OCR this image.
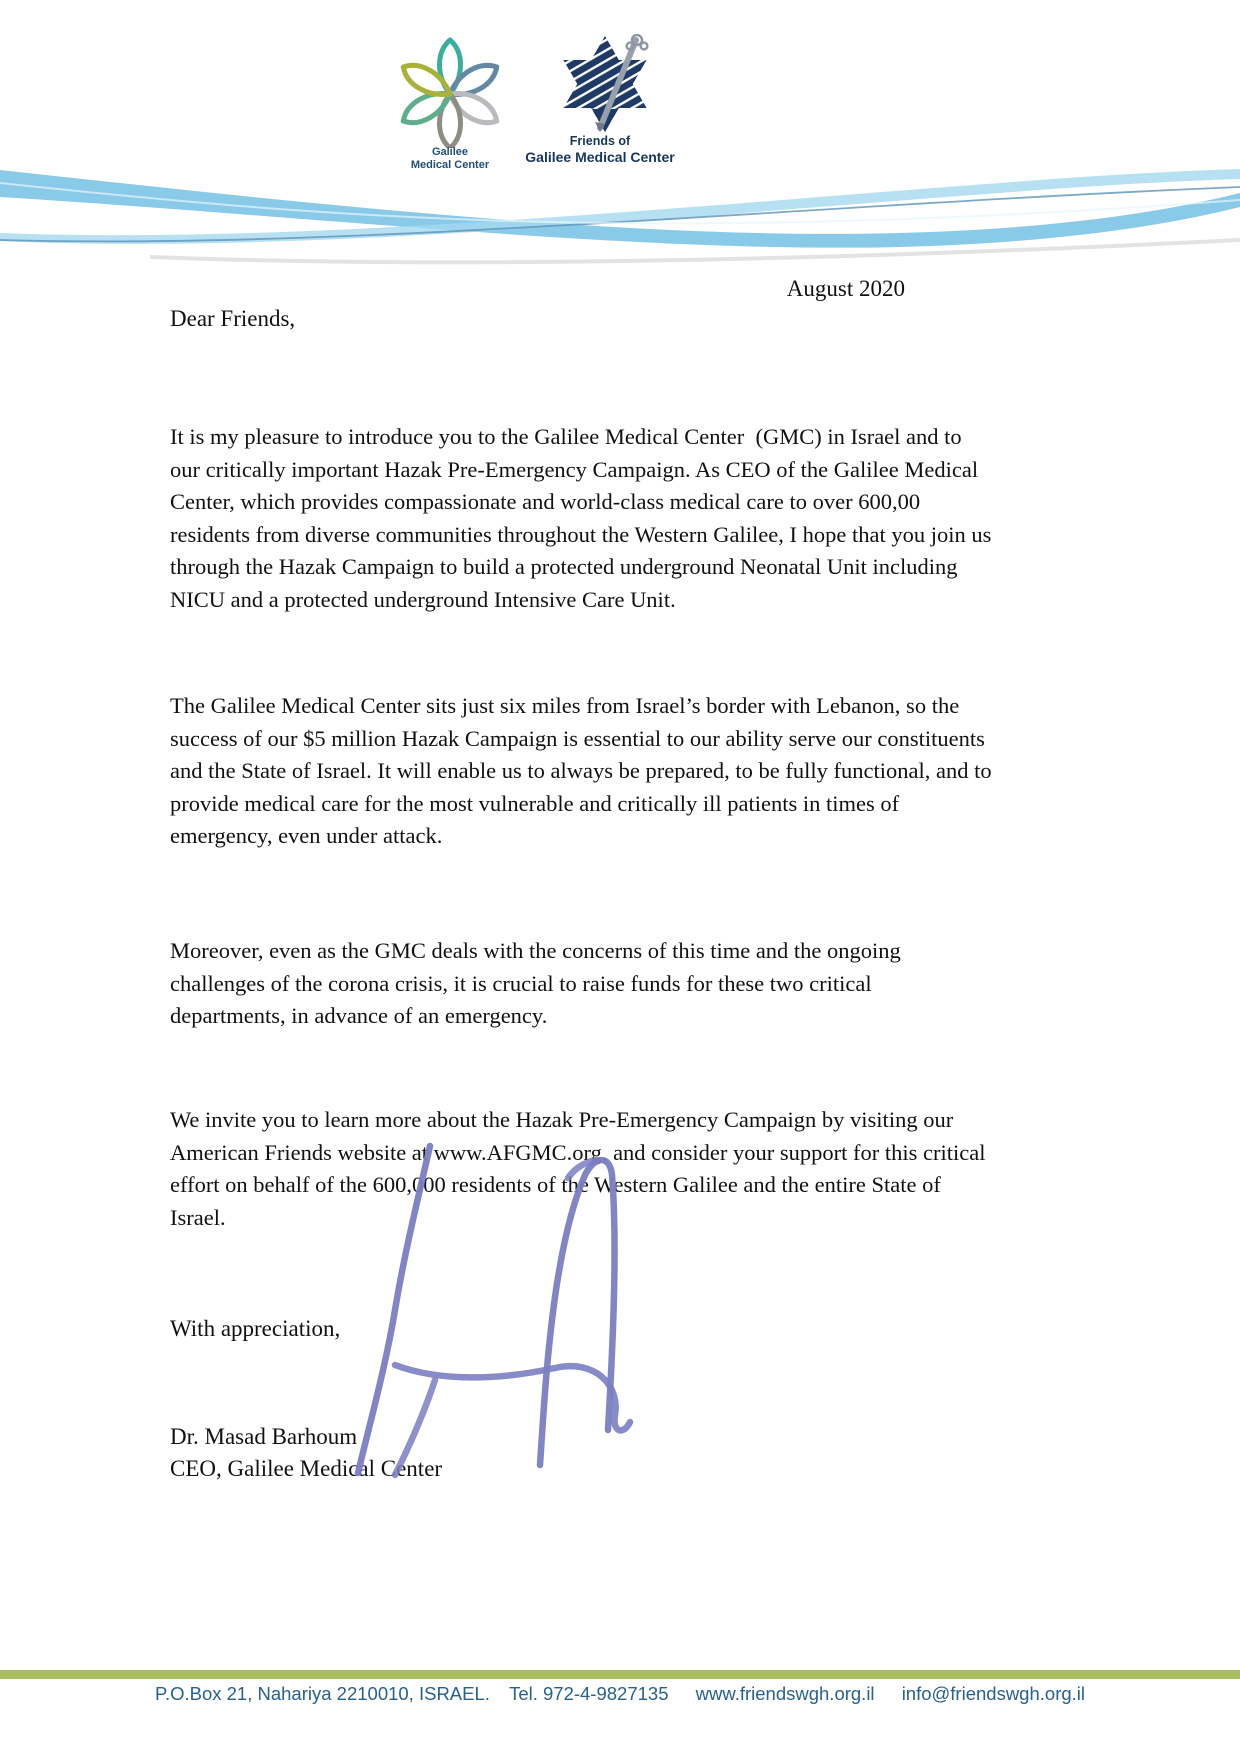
Galilee
Medical Center
Friends of
Galilee Medical Center
August 2020
Dear Friends,
It is my pleasure to introduce you to the Galilee Medical Center  (GMC) in Israel and to our critically important Hazak Pre-Emergency Campaign. As CEO of the Galilee Medical Center, which provides compassionate and world-class medical care to over 600,00 residents from diverse communities throughout the Western Galilee, I hope that you join us through the Hazak Campaign to build a protected underground Neonatal Unit including NICU and a protected underground Intensive Care Unit.
The Galilee Medical Center sits just six miles from Israel’s border with Lebanon, so the success of our $5 million Hazak Campaign is essential to our ability serve our constituents and the State of Israel. It will enable us to always be prepared, to be fully functional, and to provide medical care for the most vulnerable and critically ill patients in times of emergency, even under attack.
Moreover, even as the GMC deals with the concerns of this time and the ongoing challenges of the corona crisis, it is crucial to raise funds for these two critical departments, in advance of an emergency.
We invite you to learn more about the Hazak Pre-Emergency Campaign by visiting our American Friends website at www.AFGMC.org, and consider your support for this critical effort on behalf of the 600,000 residents of the Western Galilee and the entire State of Israel.
With appreciation,
Dr. Masad Barhoum
CEO, Galilee Medical Center
P.O.Box 21, Nahariya 2210010, ISRAEL. Tel. 972-4-9827135 www.friendswgh.org.il info@friendswgh.org.il
